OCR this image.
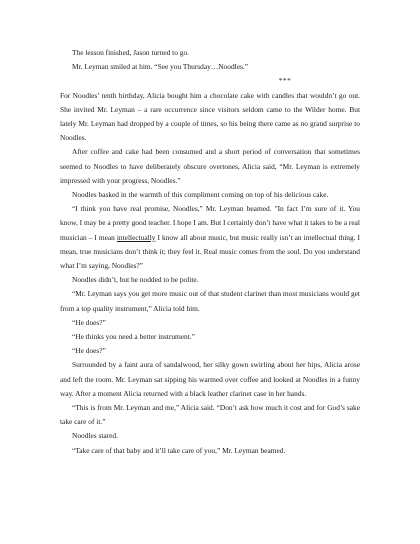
The lesson finished, Jason turned to go.

Mr. Leyman smiled at him. “See you Thursday…Noodles.”

***

For Noodles’ tenth birthday, Alicia bought him a chocolate cake with candles that wouldn’t go out. She invited Mr. Leyman – a rare occurrence since visitors seldom came to the Wilder home. But lately Mr. Leyman had dropped by a couple of times, so his being there came as no grand surprise to Noodles.

After coffee and cake had been consumed and a short period of conversation that sometimes seemed to Noodles to have deliberately obscure overtones, Alicia said, “Mr. Leyman is extremely impressed with your progress, Noodles.”

Noodles basked in the warmth of this compliment coming on top of his delicious cake.

“I think you have real promise, Noodles,” Mr. Leyman beamed. "In fact I’m sure of it. You know, I may be a pretty good teacher. I hope I am. But I certainly don’t have what it takes to be a real musician – I mean intellectually I know all about music, but music really isn’t an intellectual thing. I mean, true musicians don’t think it; they feel it. Real music comes from the soul. Do you understand what I’m saying, Noodles?”

Noodles didn’t, but he nodded to be polite.

“Mr. Leyman says you get more music out of that student clarinet than most musicians would get from a top quality instrument,” Alicia told him.

“He does?”

“He thinks you need a better instrument.”

“He does?”

Surrounded by a faint aura of sandalwood, her silky gown swirling about her hips, Alicia arose and left the room. Mr. Leyman sat sipping his warmed over coffee and looked at Noodles in a funny way. After a moment Alicia returned with a black leather clarinet case in her hands.

“This is from Mr. Leyman and me,” Alicia said. “Don’t ask how much it cost and for God’s sake take care of it.”

Noodles stared.

“Take care of that baby and it’ll take care of you,” Mr. Leyman beamed.
